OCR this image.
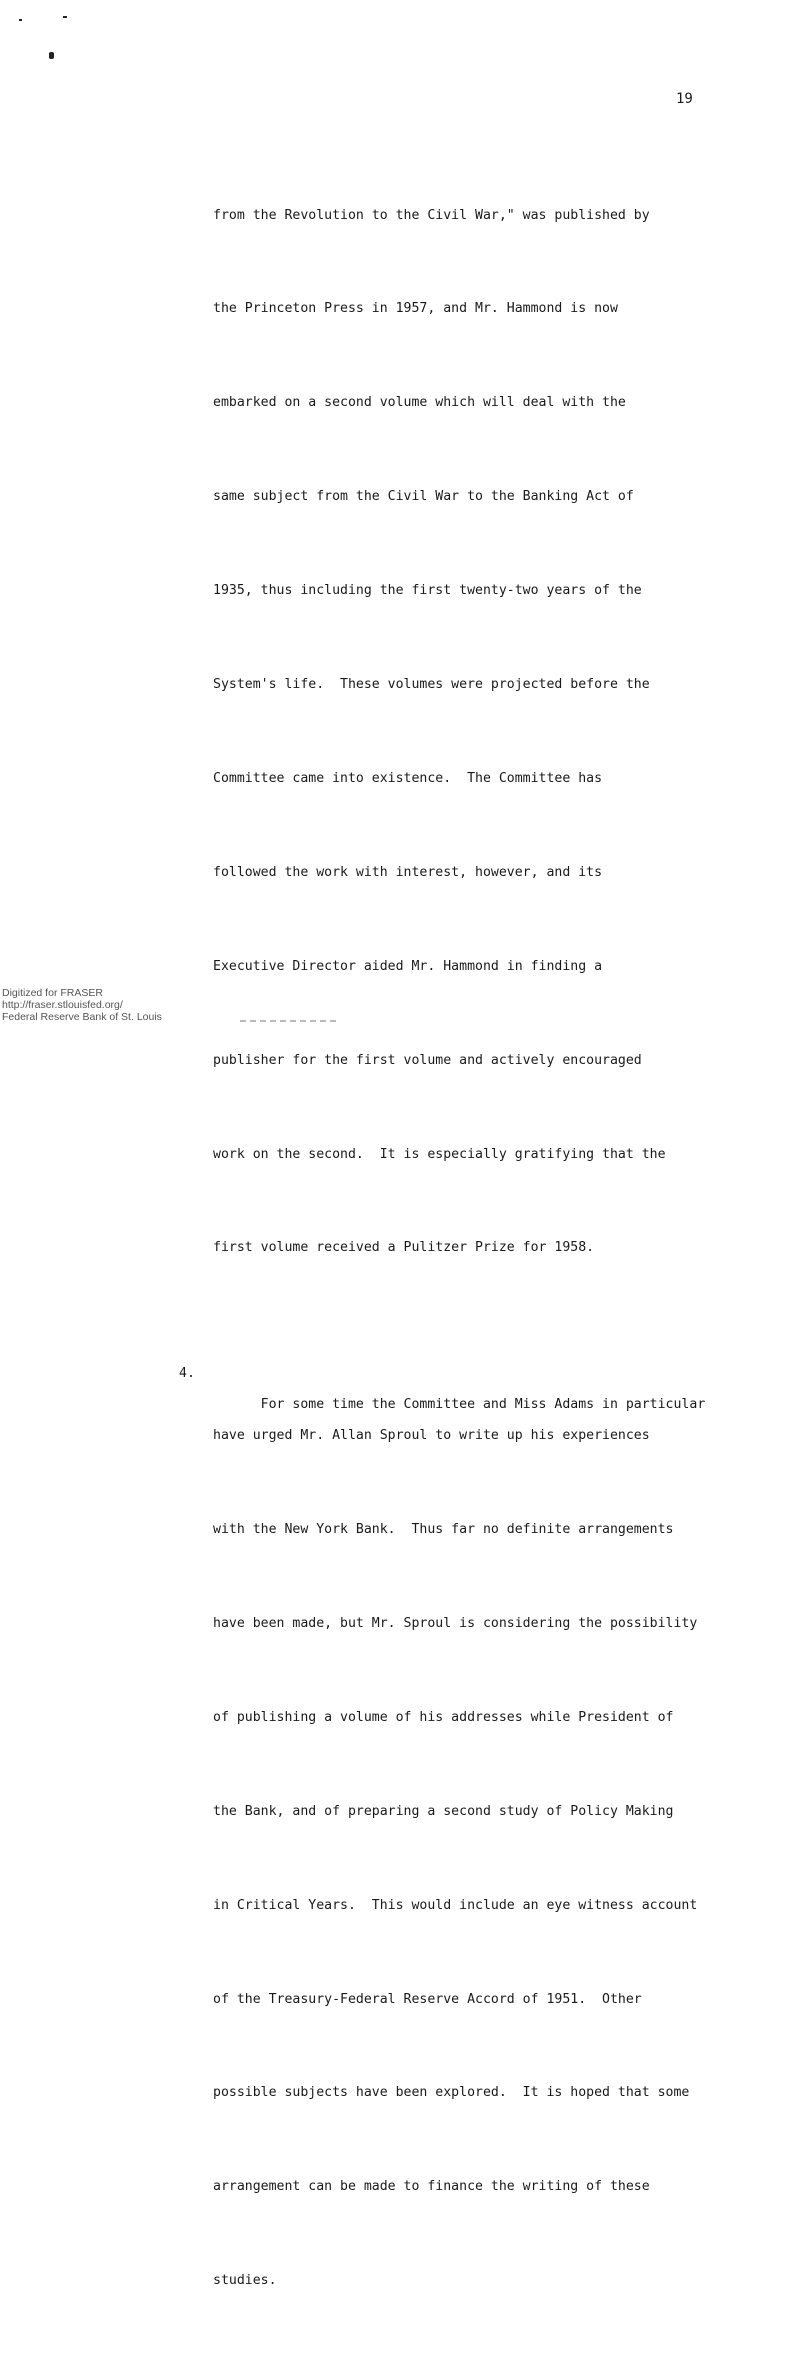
19

from the Revolution to the Civil War," was published by

the Princeton Press in 1957, and Mr. Hammond is now

embarked on a second volume which will deal with the

same subject from the Civil War to the Banking Act of

1935, thus including the first twenty-two years of the

System's life.  These volumes were projected before the

Committee came into existence.  The Committee has

followed the work with interest, however, and its

Executive Director aided Mr. Hammond in finding a

publisher for the first volume and actively encouraged

work on the second.  It is especially gratifying that the

first volume received a Pulitzer Prize for 1958.

4.

For some time the Committee and Miss Adams in particular

have urged Mr. Allan Sproul to write up his experiences

with the New York Bank.  Thus far no definite arrangements

have been made, but Mr. Sproul is considering the possibility

of publishing a volume of his addresses while President of

the Bank, and of preparing a second study of Policy Making

in Critical Years.  This would include an eye witness account

of the Treasury-Federal Reserve Accord of 1951.  Other

possible subjects have been explored.  It is hoped that some

arrangement can be made to finance the writing of these

studies.

Digitized for FRASER
http://fraser.stlouisfed.org/
Federal Reserve Bank of St. Louis
